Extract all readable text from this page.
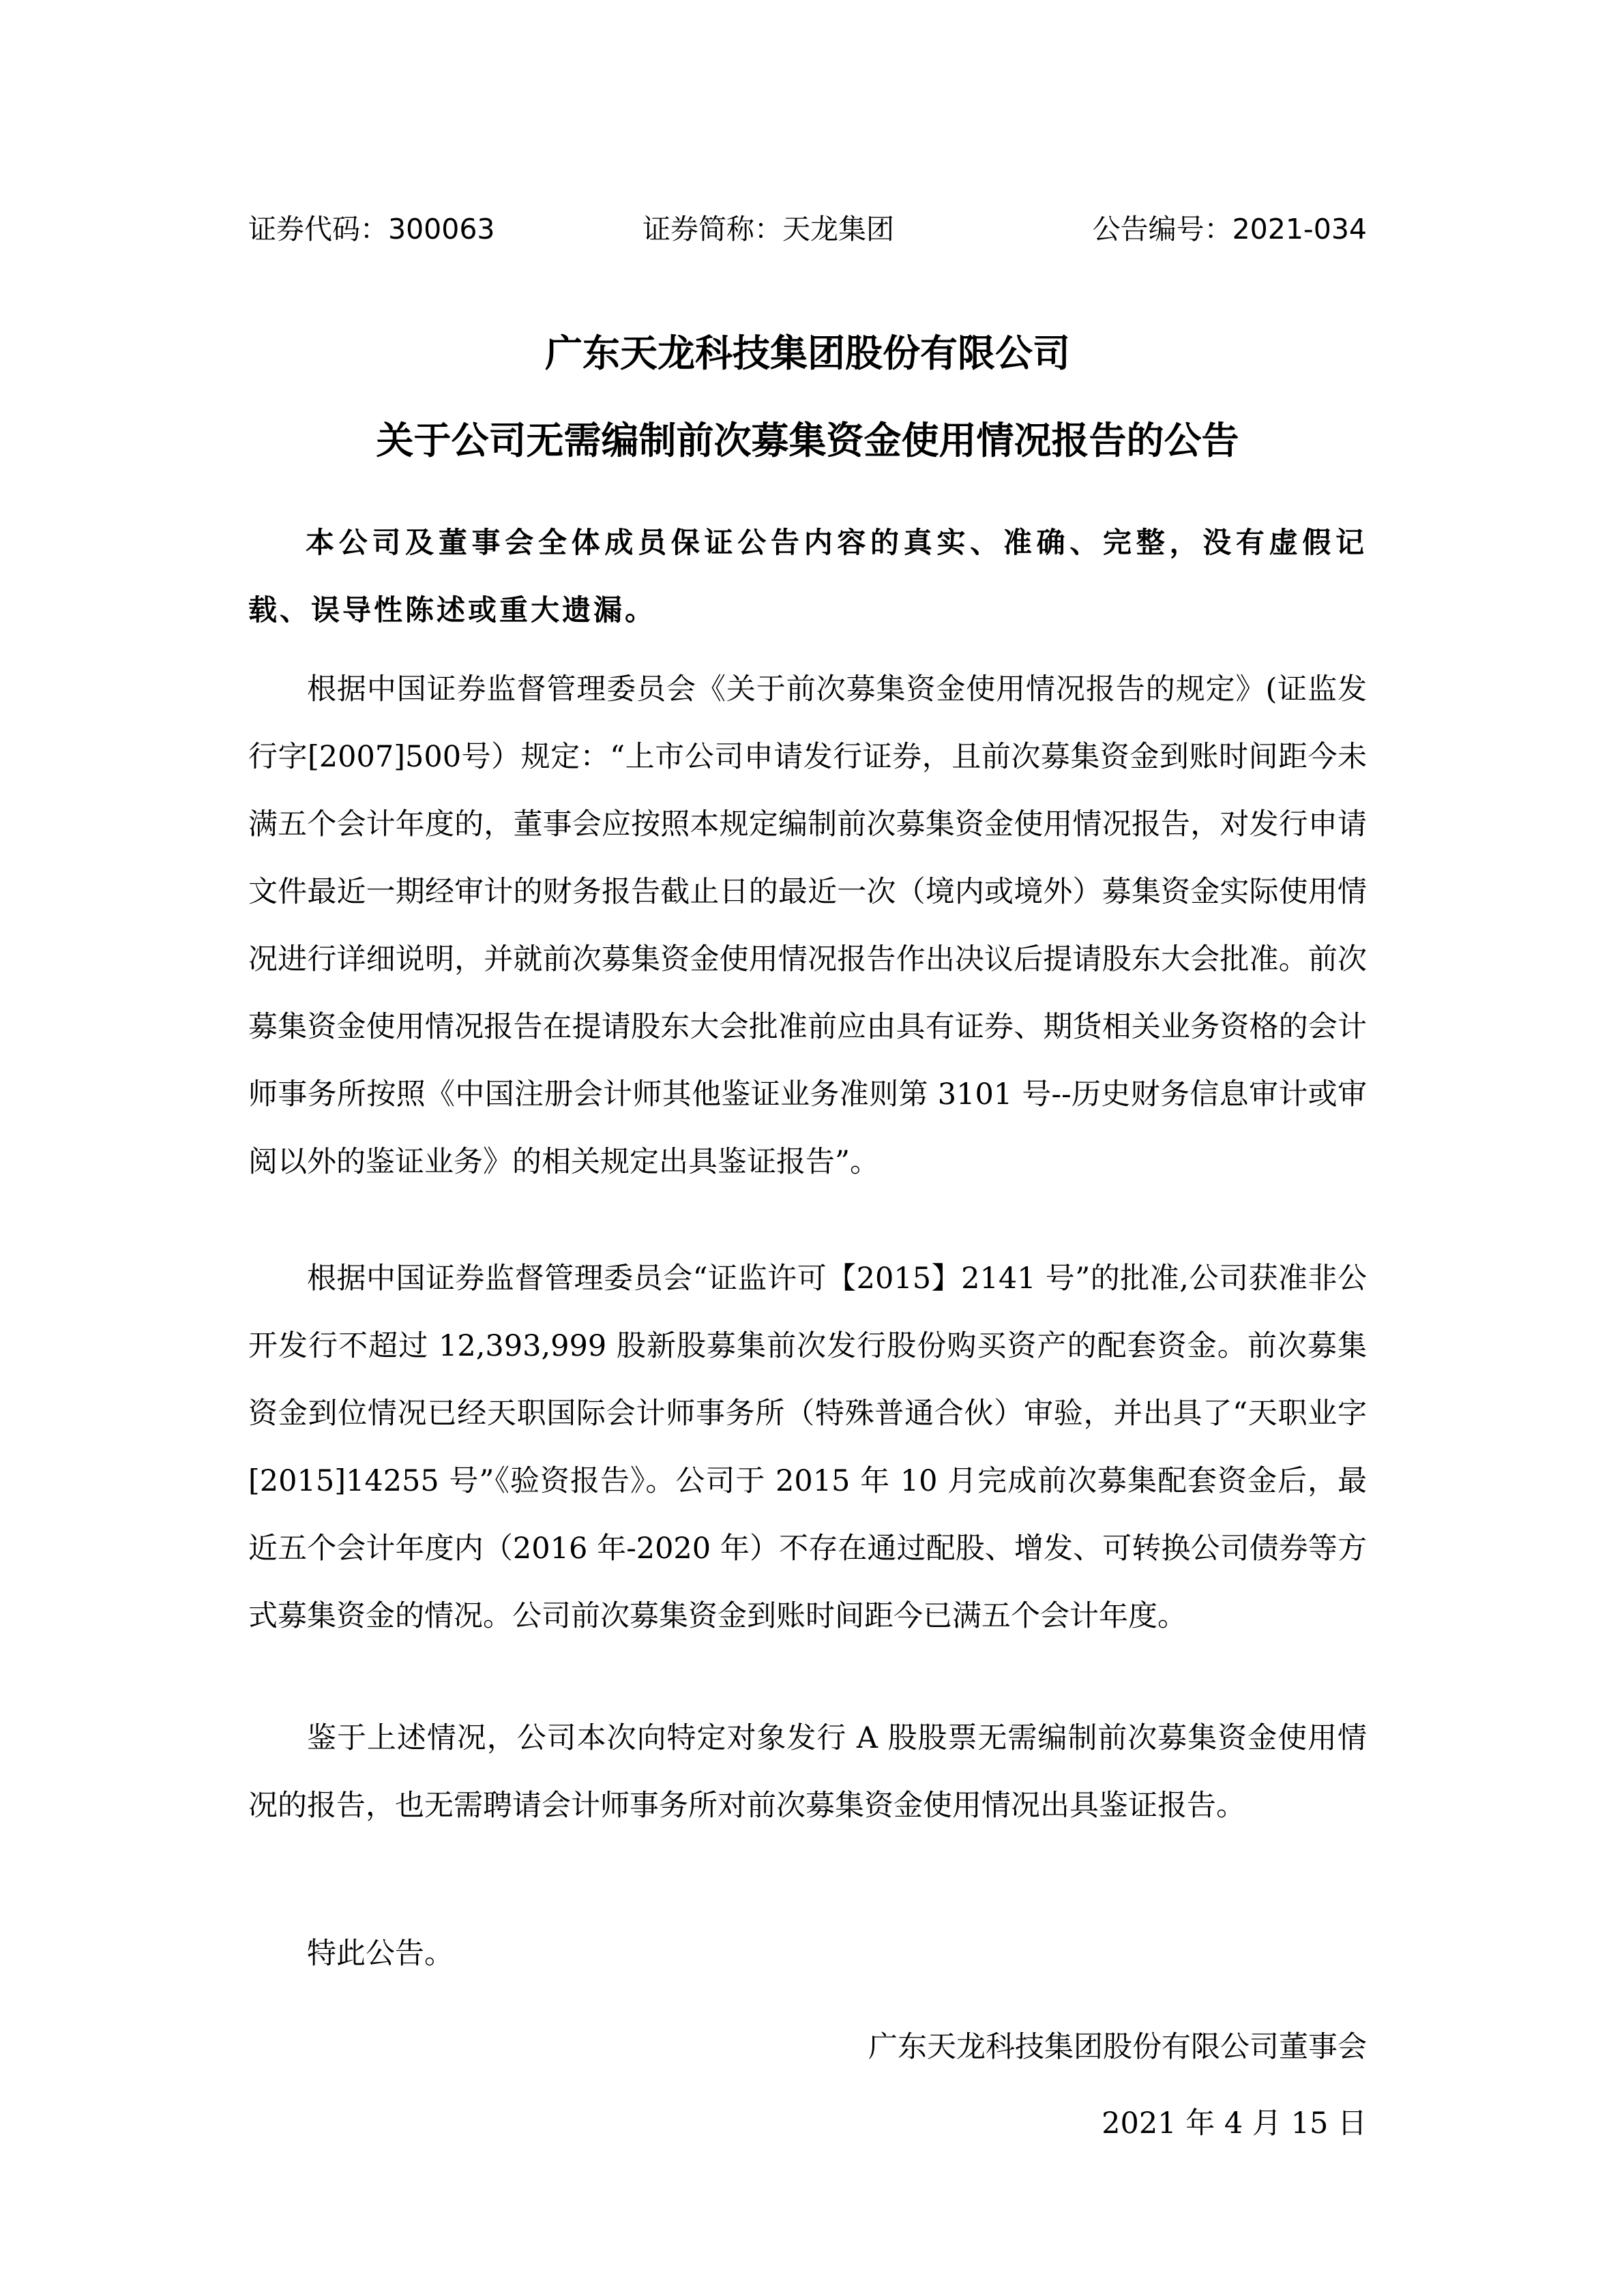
证券代码：300063	证券简称：天龙集团	公告编号：2021-034
广东天龙科技集团股份有限公司
关于公司无需编制前次募集资金使用情况报告的公告

本公司及董事会全体成员保证公告内容的真实、准确、完整，没有虚假记载、误导性陈述或重大遗漏。

根据中国证券监督管理委员会《关于前次募集资金使用情况报告的规定》(证监发行字[2007]500号）规定：“上市公司申请发行证券，且前次募集资金到账时间距今未满五个会计年度的，董事会应按照本规定编制前次募集资金使用情况报告，对发行申请文件最近一期经审计的财务报告截止日的最近一次（境内或境外）募集资金实际使用情况进行详细说明，并就前次募集资金使用情况报告作出决议后提请股东大会批准。前次募集资金使用情况报告在提请股东大会批准前应由具有证券、期货相关业务资格的会计师事务所按照《中国注册会计师其他鉴证业务准则第 3101 号--历史财务信息审计或审阅以外的鉴证业务》的相关规定出具鉴证报告”。

根据中国证券监督管理委员会“证监许可【2015】2141 号”的批准,公司获准非公开发行不超过 12,393,999 股新股募集前次发行股份购买资产的配套资金。前次募集资金到位情况已经天职国际会计师事务所（特殊普通合伙）审验，并出具了“天职业字[2015]14255 号”《验资报告》。公司于 2015 年 10 月完成前次募集配套资金后，最近五个会计年度内（2016 年-2020 年）不存在通过配股、增发、可转换公司债券等方式募集资金的情况。公司前次募集资金到账时间距今已满五个会计年度。

鉴于上述情况，公司本次向特定对象发行 A 股股票无需编制前次募集资金使用情况的报告，也无需聘请会计师事务所对前次募集资金使用情况出具鉴证报告。

特此公告。

广东天龙科技集团股份有限公司董事会
2021 年 4 月 15 日
